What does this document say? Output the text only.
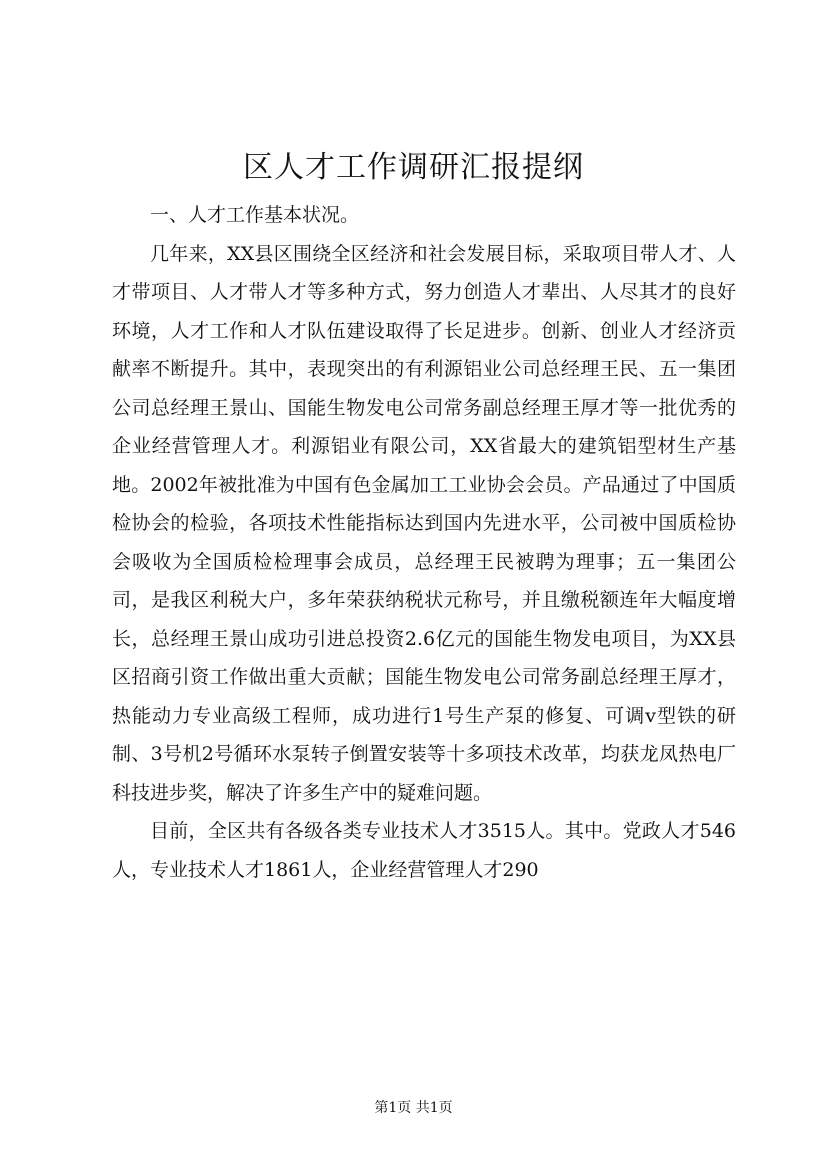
区人才工作调研汇报提纲

一、人才工作基本状况。

几年来，XX县区围绕全区经济和社会发展目标，采取项目带人才、人才带项目、人才带人才等多种方式，努力创造人才辈出、人尽其才的良好环境，人才工作和人才队伍建设取得了长足进步。创新、创业人才经济贡献率不断提升。其中，表现突出的有利源铝业公司总经理王民、五一集团公司总经理王景山、国能生物发电公司常务副总经理王厚才等一批优秀的企业经营管理人才。利源铝业有限公司，XX省最大的建筑铝型材生产基地。2002年被批准为中国有色金属加工工业协会会员。产品通过了中国质检协会的检验，各项技术性能指标达到国内先进水平，公司被中国质检协会吸收为全国质检检理事会成员，总经理王民被聘为理事；五一集团公司，是我区利税大户，多年荣获纳税状元称号，并且缴税额连年大幅度增长，总经理王景山成功引进总投资2.6亿元的国能生物发电项目，为XX县区招商引资工作做出重大贡献；国能生物发电公司常务副总经理王厚才，热能动力专业高级工程师，成功进行1号生产泵的修复、可调v型铁的研制、3号机2号循环水泵转子倒置安装等十多项技术改革，均获龙凤热电厂科技进步奖，解决了许多生产中的疑难问题。

目前，全区共有各级各类专业技术人才3515人。其中。党政人才546人，专业技术人才1861人，企业经营管理人才290

第1页 共1页
